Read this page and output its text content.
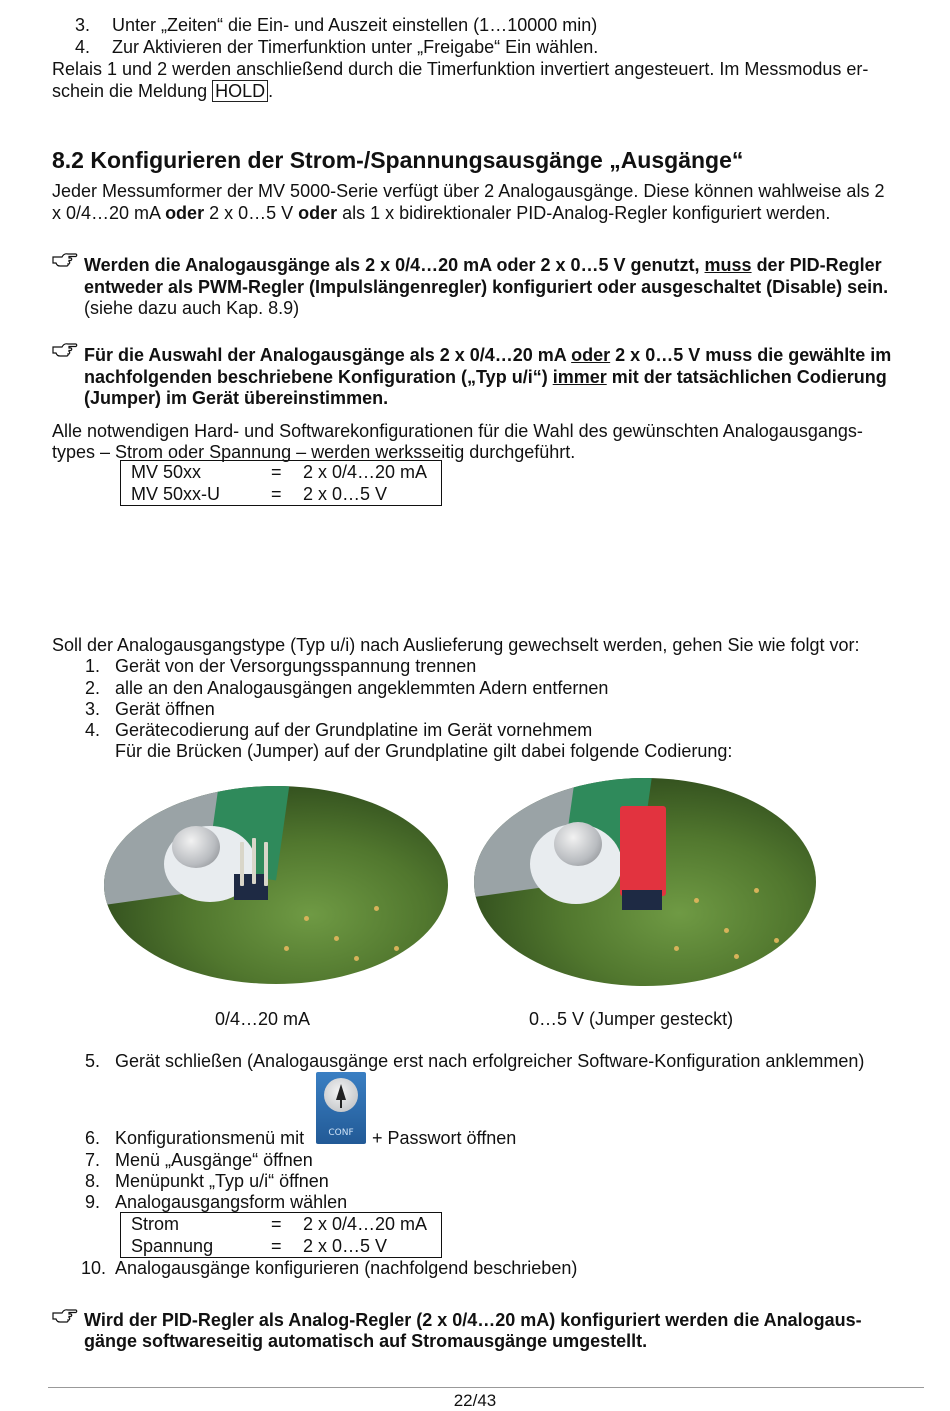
3. Unter „Zeiten“ die Ein- und Auszeit einstellen (1…10000 min)
4. Zur Aktivieren der Timerfunktion unter „Freigabe“ Ein wählen.
Relais 1 und 2 werden anschließend durch die Timerfunktion invertiert angesteuert. Im Messmodus er-
schein die Meldung HOLD .
8.2 Konfigurieren der Strom-/Spannungsausgänge „Ausgänge“
Jeder Messumformer der MV 5000-Serie verfügt über 2 Analogausgänge. Diese können wahlweise als 2
x 0/4…20 mA oder 2 x 0…5 V oder als 1 x bidirektionaler PID-Analog-Regler konfiguriert werden.
Werden die Analogausgänge als 2 x 0/4…20 mA oder 2 x 0…5 V genutzt, muss der PID-Regler
entweder als PWM-Regler (Impulslängenregler) konfiguriert oder ausgeschaltet (Disable) sein.
(siehe dazu auch Kap. 8.9)
Für die Auswahl der Analogausgänge als 2 x 0/4…20 mA oder 2 x 0…5 V muss die gewählte im
nachfolgenden beschriebene Konfiguration („Typ u/i“) immer mit der tatsächlichen Codierung
(Jumper) im Gerät übereinstimmen.
Alle notwendigen Hard- und Softwarekonfigurationen für die Wahl des gewünschten Analogausgangs-
types – Strom oder Spannung – werden werksseitig durchgeführt.
MV 50xx	= 2 x 0/4…20 mA
MV 50xx-U	= 2 x 0…5 V
Soll der Analogausgangstype (Typ u/i) nach Auslieferung gewechselt werden, gehen Sie wie folgt vor:
1. Gerät von der Versorgungsspannung trennen
2. alle an den Analogausgängen angeklemmten Adern entfernen
3. Gerät öffnen
4. Gerätecodierung auf der Grundplatine im Gerät vornehmem
Für die Brücken (Jumper) auf der Grundplatine gilt dabei folgende Codierung:
0/4…20 mA	0…5 V (Jumper gesteckt)
5. Gerät schließen (Analogausgänge erst nach erfolgreicher Software-Konfiguration anklemmen)
6. Konfigurationsmenü mit	CONF	+ Passwort öffnen
7. Menü „Ausgänge“ öffnen
8. Menüpunkt „Typ u/i“ öffnen
9. Analogausgangsform wählen
Strom	= 2 x 0/4…20 mA
Spannung	= 2 x 0…5 V
10. Analogausgänge konfigurieren (nachfolgend beschrieben)
Wird der PID-Regler als Analog-Regler (2 x 0/4…20 mA) konfiguriert werden die Analogaus-
gänge softwareseitig automatisch auf Stromausgänge umgestellt.
22/43
